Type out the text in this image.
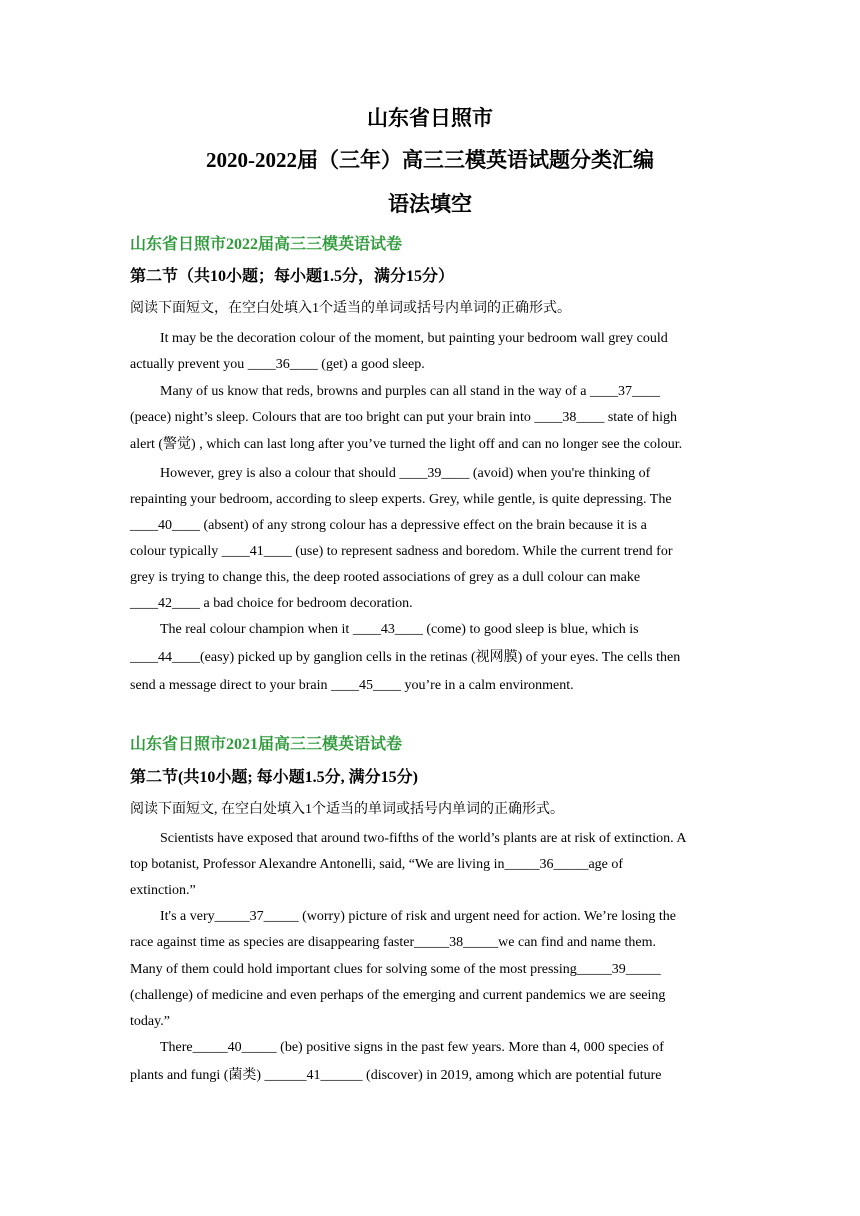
山东省日照市
2020-2022届（三年）高三三模英语试题分类汇编
语法填空
山东省日照市2022届高三三模英语试卷
第二节（共10小题；每小题1.5分，满分15分）
阅读下面短文，在空白处填入1个适当的单词或括号内单词的正确形式。
It may be the decoration colour of the moment, but painting your bedroom wall grey could
actually prevent you ____36____ (get) a good sleep.
Many of us know that reds, browns and purples can all stand in the way of a ____37____
(peace) night’s sleep. Colours that are too bright can put your brain into ____38____ state of high
alert (警觉) , which can last long after you’ve turned the light off and can no longer see the colour.
However, grey is also a colour that should ____39____ (avoid) when you're thinking of
repainting your bedroom, according to sleep experts. Grey, while gentle, is quite depressing. The
____40____ (absent) of any strong colour has a depressive effect on the brain because it is a
colour typically ____41____ (use) to represent sadness and boredom. While the current trend for
grey is trying to change this, the deep rooted associations of grey as a dull colour can make
____42____ a bad choice for bedroom decoration.
The real colour champion when it ____43____ (come) to good sleep is blue, which is
____44____(easy) picked up by ganglion cells in the retinas (视网膜) of your eyes. The cells then
send a message direct to your brain ____45____ you’re in a calm environment.
山东省日照市2021届高三三模英语试卷
第二节(共10小题; 每小题1.5分, 满分15分)
阅读下面短文, 在空白处填入1个适当的单词或括号内单词的正确形式。
Scientists have exposed that around two-fifths of the world’s plants are at risk of extinction. A
top botanist, Professor Alexandre Antonelli, said, “We are living in_____36_____age of
extinction.”
It's a very_____37_____ (worry) picture of risk and urgent need for action. We’re losing the
race against time as species are disappearing faster_____38_____we can find and name them.
Many of them could hold important clues for solving some of the most pressing_____39_____
(challenge) of medicine and even perhaps of the emerging and current pandemics we are seeing
today.”
There_____40_____ (be) positive signs in the past few years. More than 4, 000 species of
plants and fungi (菌类) ______41______ (discover) in 2019, among which are potential future
